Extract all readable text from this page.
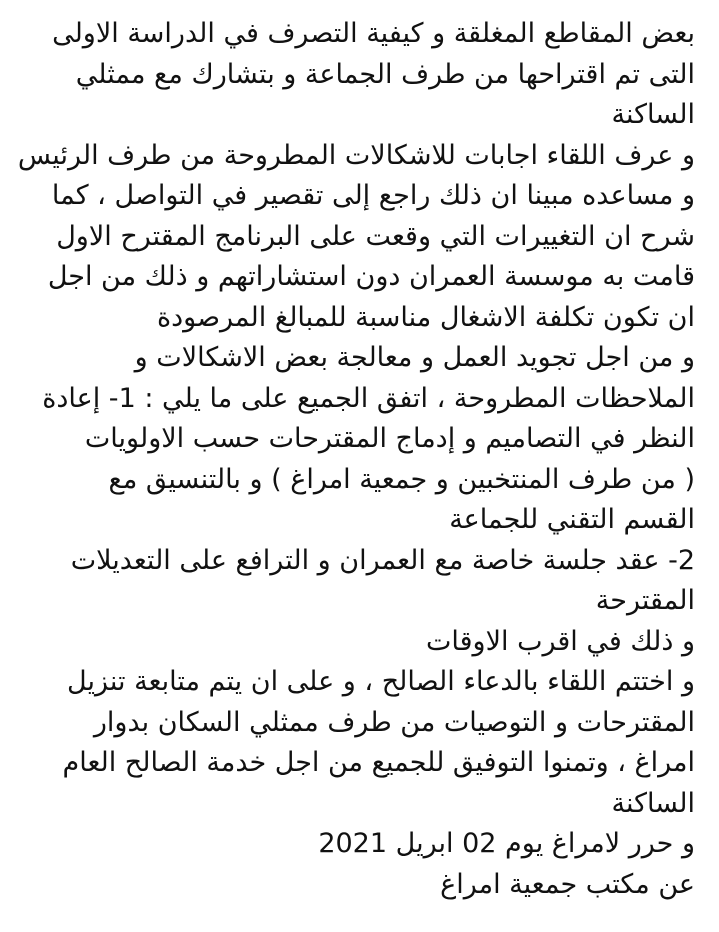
بعض المقاطع المغلقة و كيفية التصرف في الدراسة الاولى
التى تم اقتراحها من طرف الجماعة و بتشارك مع ممثلي
الساكنة
و عرف اللقاء اجابات للاشكالات المطروحة من طرف الرئيس
و مساعده مبينا ان ذلك راجع إلى تقصير في التواصل ، كما
شرح ان التغييرات التي وقعت على البرنامج المقترح الاول
قامت به موسسة العمران دون استشاراتهم و ذلك من اجل
ان تكون تكلفة الاشغال مناسبة للمبالغ المرصودة
و من اجل تجويد العمل و معالجة بعض الاشكالات و
الملاحظات المطروحة ، اتفق الجميع على ما يلي : 1- إعادة
النظر في التصاميم و إدماج المقترحات حسب الاولويات
( من طرف المنتخبين و جمعية امراغ ) و بالتنسيق مع
القسم التقني للجماعة
2- عقد جلسة خاصة مع العمران و الترافع على التعديلات
المقترحة
و ذلك في اقرب الاوقات
و اختتم اللقاء بالدعاء الصالح ، و على ان يتم متابعة تنزيل
المقترحات و التوصيات من طرف ممثلي السكان بدوار
امراغ ، وتمنوا التوفيق للجميع من اجل خدمة الصالح العام
الساكنة
و حرر لامراغ يوم 02 ابريل 2021
عن مكتب جمعية امراغ
